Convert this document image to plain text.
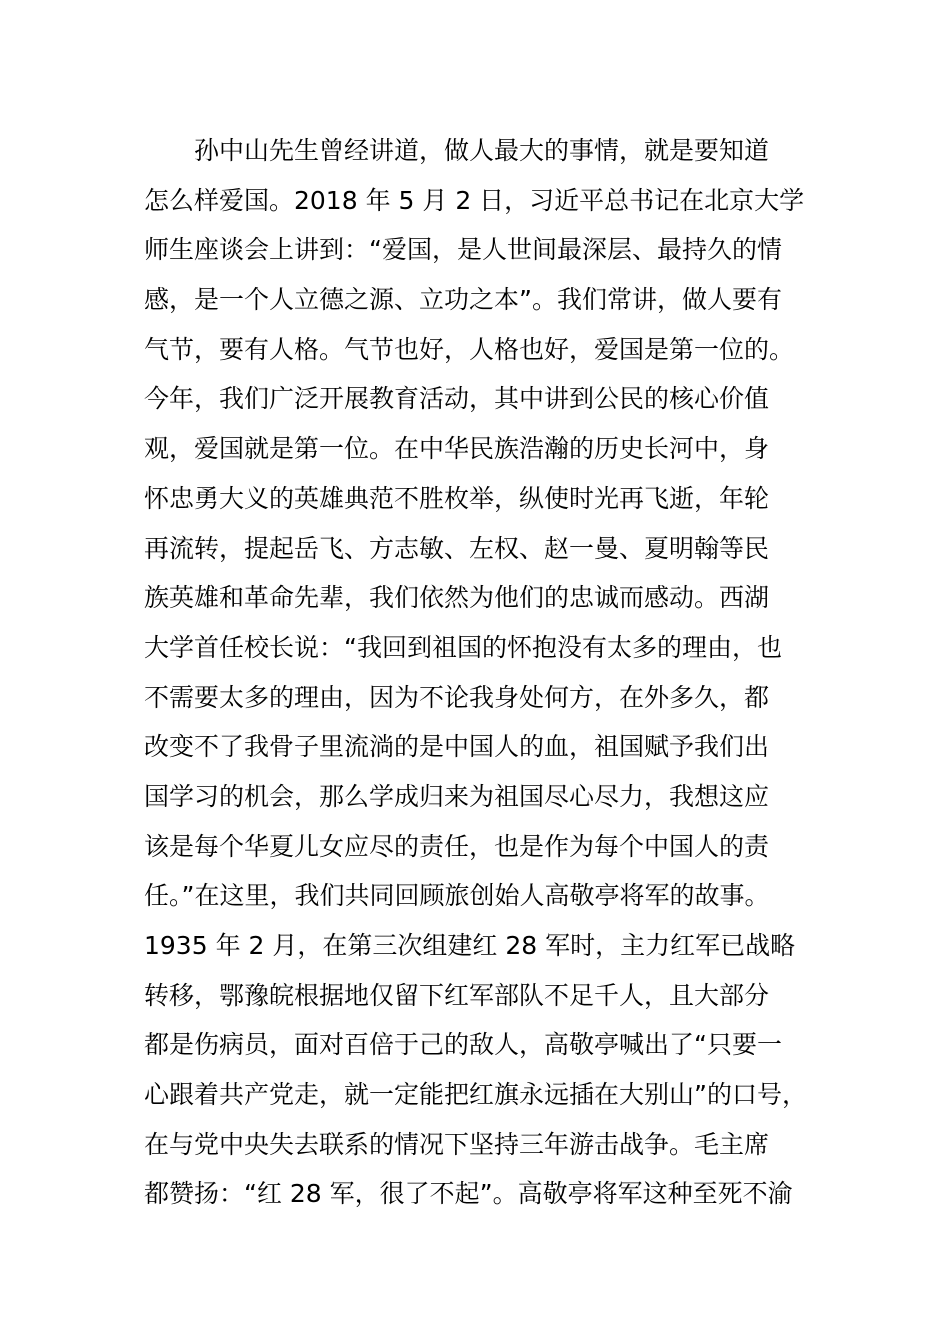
孙中山先生曾经讲道，做人最大的事情，就是要知道
怎么样爱国。2018 年 5 月 2 日，习近平总书记在北京大学
师生座谈会上讲到：“爱国，是人世间最深层、最持久的情
感，是一个人立德之源、立功之本”。我们常讲，做人要有
气节，要有人格。气节也好，人格也好，爱国是第一位的。
今年，我们广泛开展教育活动，其中讲到公民的核心价值
观，爱国就是第一位。在中华民族浩瀚的历史长河中，身
怀忠勇大义的英雄典范不胜枚举，纵使时光再飞逝，年轮
再流转，提起岳飞、方志敏、左权、赵一曼、夏明翰等民
族英雄和革命先辈，我们依然为他们的忠诚而感动。西湖
大学首任校长说：“我回到祖国的怀抱没有太多的理由，也
不需要太多的理由，因为不论我身处何方，在外多久，都
改变不了我骨子里流淌的是中国人的血，祖国赋予我们出
国学习的机会，那么学成归来为祖国尽心尽力，我想这应
该是每个华夏儿女应尽的责任，也是作为每个中国人的责
任。”在这里，我们共同回顾旅创始人高敬亭将军的故事。
1935 年 2 月，在第三次组建红 28 军时，主力红军已战略
转移，鄂豫皖根据地仅留下红军部队不足千人，且大部分
都是伤病员，面对百倍于己的敌人，高敬亭喊出了“只要一
心跟着共产党走，就一定能把红旗永远插在大别山”的口号，
在与党中央失去联系的情况下坚持三年游击战争。毛主席
都赞扬：“红 28 军，很了不起”。高敬亭将军这种至死不渝
